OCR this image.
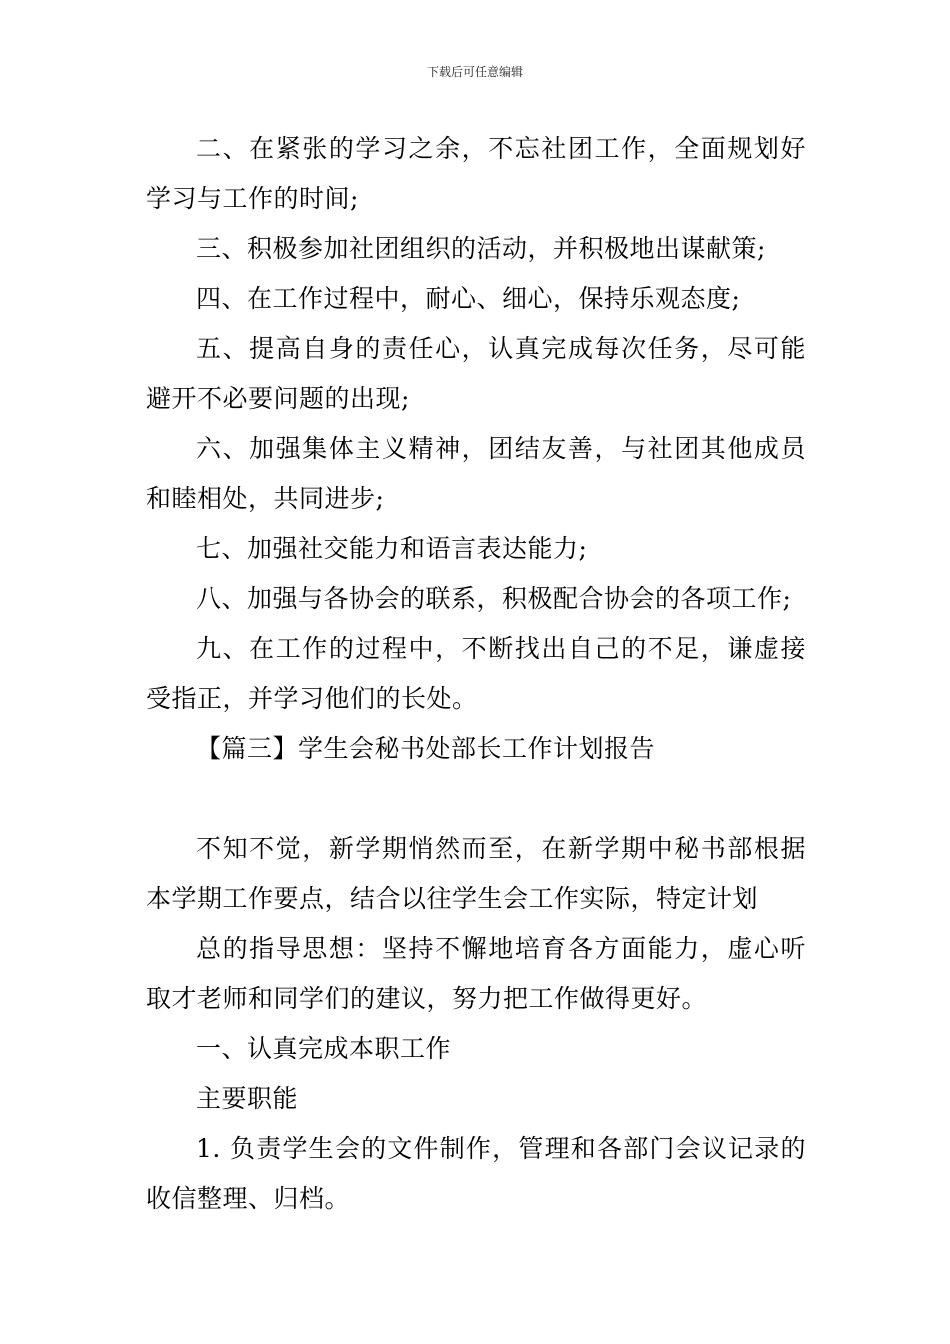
下载后可任意编辑

二、在紧张的学习之余，不忘社团工作，全面规划好学习与工作的时间;

三、积极参加社团组织的活动，并积极地出谋献策;

四、在工作过程中，耐心、细心，保持乐观态度;

五、提高自身的责任心，认真完成每次任务，尽可能避开不必要问题的出现;

六、加强集体主义精神，团结友善，与社团其他成员和睦相处，共同进步;

七、加强社交能力和语言表达能力;

八、加强与各协会的联系，积极配合协会的各项工作;

九、在工作的过程中，不断找出自己的不足，谦虚接受指正，并学习他们的长处。

【篇三】学生会秘书处部长工作计划报告

不知不觉，新学期悄然而至，在新学期中秘书部根据本学期工作要点，结合以往学生会工作实际，特定计划

总的指导思想：坚持不懈地培育各方面能力，虚心听取才老师和同学们的建议，努力把工作做得更好。

一、认真完成本职工作

主要职能

1. 负责学生会的文件制作，管理和各部门会议记录的收信整理、归档。
